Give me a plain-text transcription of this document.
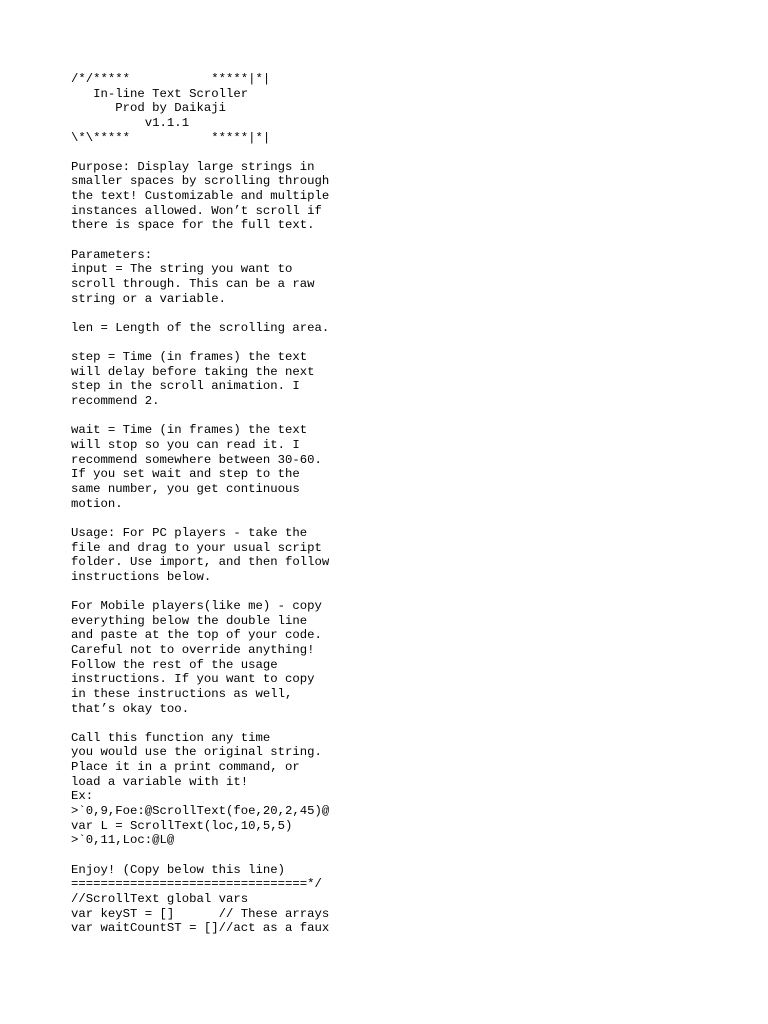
/*/*****           *****|*|
In-line Text Scroller
Prod by Daikaji
v1.1.1
\*\*****           *****|*|
Purpose: Display large strings in
smaller spaces by scrolling through
the text! Customizable and multiple
instances allowed. Won’t scroll if
there is space for the full text.
Parameters:
input = The string you want to
scroll through. This can be a raw
string or a variable.
len = Length of the scrolling area.
step = Time (in frames) the text
will delay before taking the next
step in the scroll animation. I
recommend 2.
wait = Time (in frames) the text
will stop so you can read it. I
recommend somewhere between 30-60.
If you set wait and step to the
same number, you get continuous
motion.
Usage: For PC players - take the
file and drag to your usual script
folder. Use import, and then follow
instructions below.
For Mobile players(like me) - copy
everything below the double line
and paste at the top of your code.
Careful not to override anything!
Follow the rest of the usage
instructions. If you want to copy
in these instructions as well,
that’s okay too.
Call this function any time
you would use the original string.
Place it in a print command, or
load a variable with it!
Ex:
>`0,9,Foe:@ScrollText(foe,20,2,45)@
var L = ScrollText(loc,10,5,5)
>`0,11,Loc:@L@
Enjoy! (Copy below this line)
================================*/
//ScrollText global vars
var keyST = []      // These arrays
var waitCountST = []//act as a faux
